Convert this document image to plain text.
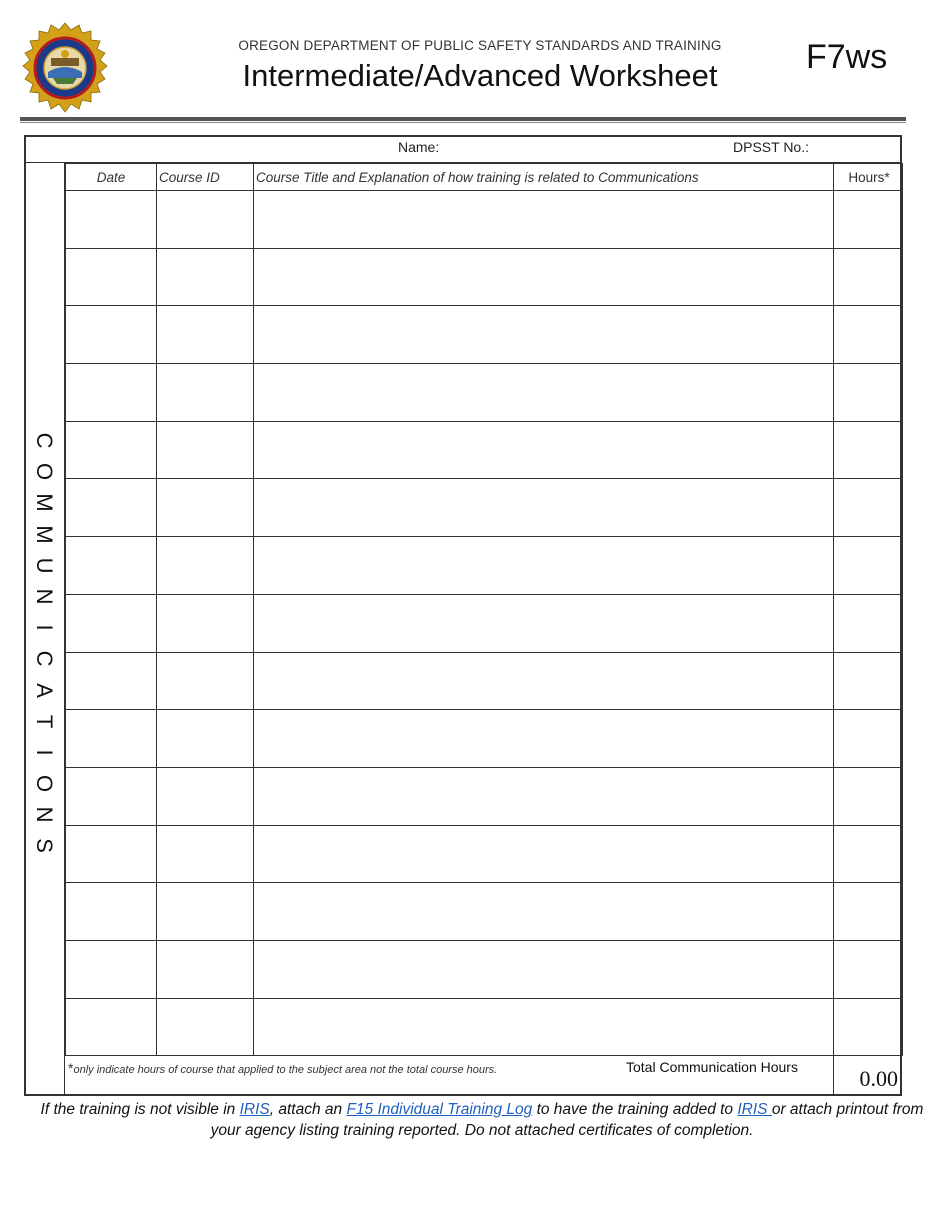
OREGON DEPARTMENT OF PUBLIC SAFETY STANDARDS AND TRAINING
Intermediate/Advanced Worksheet	F7ws
Name:	DPSST No.:
C
O
M
M
U
N
I
C
A
T
I
O
N
S
Date	Course ID	Course Title and Explanation of how training is related to Communications	Hours*

*only indicate hours of course that applied to the subject area not the total course hours.	Total Communication Hours	0.00
If the training is not visible in IRIS, attach an F15 Individual Training Log to have the training added to IRIS or attach printout from your agency listing training reported. Do not attached certificates of completion.
